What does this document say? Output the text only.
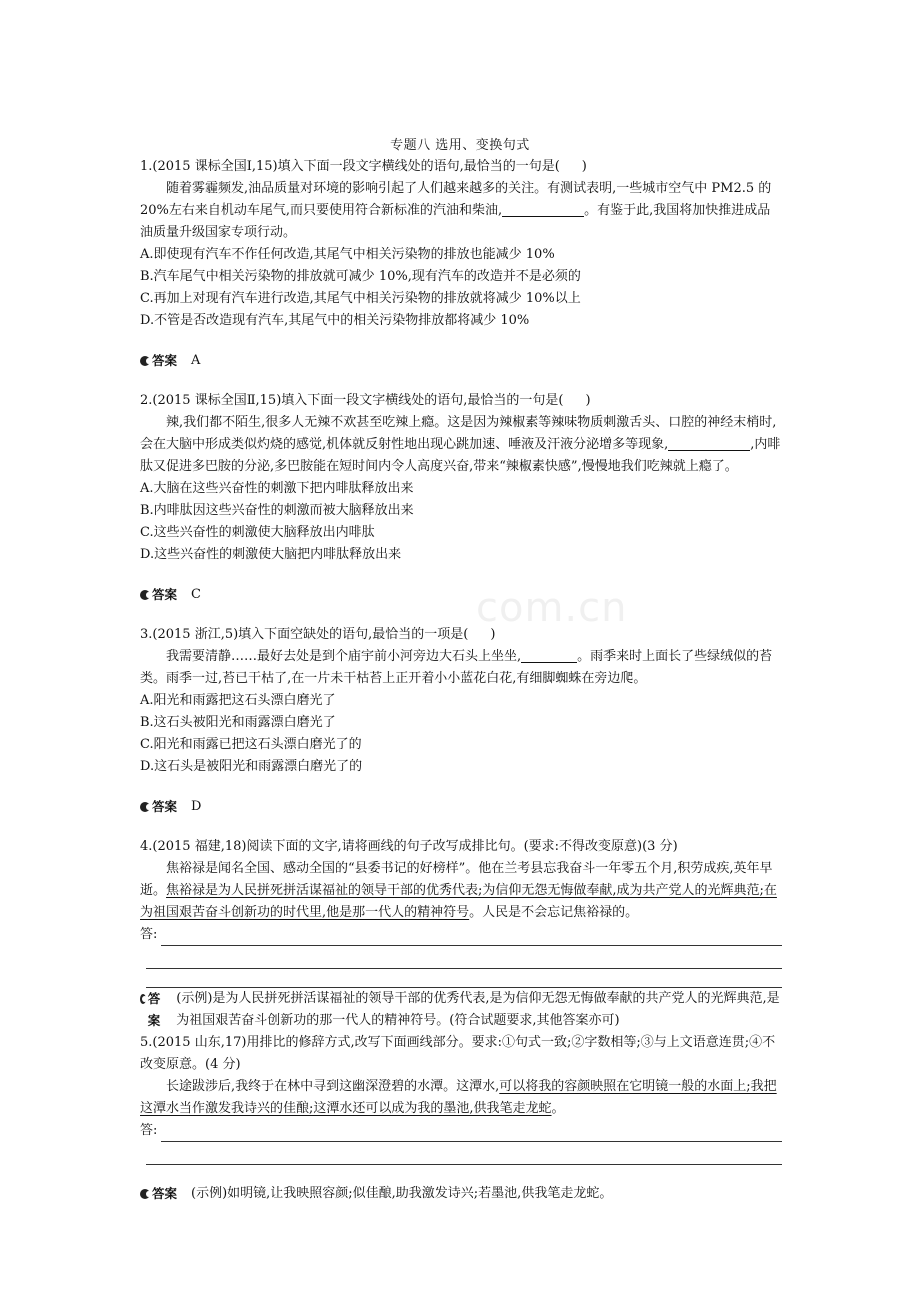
com.cn
专题八 选用、变换句式

1.(2015 课标全国Ⅰ,15)填入下面一段文字横线处的语句,最恰当的一句是( )

随着雾霾频发,油品质量对环境的影响引起了人们越来越多的关注。有测试表明,一些城市空气中 PM2.5 的 20%左右来自机动车尾气,而只要使用符合新标准的汽油和柴油,	。有鉴于此,我国将加快推进成品油质量升级国家专项行动。

A.即使现有汽车不作任何改造,其尾气中相关污染物的排放也能减少 10%

B.汽车尾气中相关污染物的排放就可减少 10%,现有汽车的改造并不是必须的

C.再加上对现有汽车进行改造,其尾气中相关污染物的排放就将减少 10%以上

D.不管是否改造现有汽车,其尾气中的相关污染物排放都将减少 10%

答案 A

2.(2015 课标全国Ⅱ,15)填入下面一段文字横线处的语句,最恰当的一句是( )

辣,我们都不陌生,很多人无辣不欢甚至吃辣上瘾。这是因为辣椒素等辣味物质刺激舌头、口腔的神经末梢时,会在大脑中形成类似灼烧的感觉,机体就反射性地出现心跳加速、唾液及汗液分泌增多等现象,	,内啡肽又促进多巴胺的分泌,多巴胺能在短时间内令人高度兴奋,带来“辣椒素快感”,慢慢地我们吃辣就上瘾了。

A.大脑在这些兴奋性的刺激下把内啡肽释放出来

B.内啡肽因这些兴奋性的刺激而被大脑释放出来

C.这些兴奋性的刺激使大脑释放出内啡肽

D.这些兴奋性的刺激使大脑把内啡肽释放出来

答案 C

3.(2015 浙江,5)填入下面空缺处的语句,最恰当的一项是( )

我需要清静……最好去处是到个庙宇前小河旁边大石头上坐坐,	。雨季来时上面长了些绿绒似的苔类。雨季一过,苔已干枯了,在一片未干枯苔上正开着小小蓝花白花,有细脚蜘蛛在旁边爬。

A.阳光和雨露把这石头漂白磨光了

B.这石头被阳光和雨露漂白磨光了

C.阳光和雨露已把这石头漂白磨光了的

D.这石头是被阳光和雨露漂白磨光了的

答案 D

4.(2015 福建,18)阅读下面的文字,请将画线的句子改写成排比句。(要求:不得改变原意)(3 分)

焦裕禄是闻名全国、感动全国的“县委书记的好榜样”。他在兰考县忘我奋斗一年零五个月,积劳成疾,英年早逝。焦裕禄是为人民拼死拼活谋福祉的领导干部的优秀代表;为信仰无怨无悔做奉献,成为共产党人的光辉典范;在为祖国艰苦奋斗创新功的时代里,他是那一代人的精神符号。人民是不会忘记焦裕禄的。

答:

答案
(示例)是为人民拼死拼活谋福祉的领导干部的优秀代表,是为信仰无怨无悔做奉献的共产党人的光辉典范,是为祖国艰苦奋斗创新功的那一代人的精神符号。(符合试题要求,其他答案亦可)

5.(2015 山东,17)用排比的修辞方式,改写下面画线部分。要求:①句式一致;②字数相等;③与上文语意连贯;④不改变原意。(4 分)

长途跋涉后,我终于在林中寻到这幽深澄碧的水潭。这潭水,可以将我的容颜映照在它明镜一般的水面上;我把这潭水当作激发我诗兴的佳酿;这潭水还可以成为我的墨池,供我笔走龙蛇。

答:

答案 (示例)如明镜,让我映照容颜;似佳酿,助我激发诗兴;若墨池,供我笔走龙蛇。
